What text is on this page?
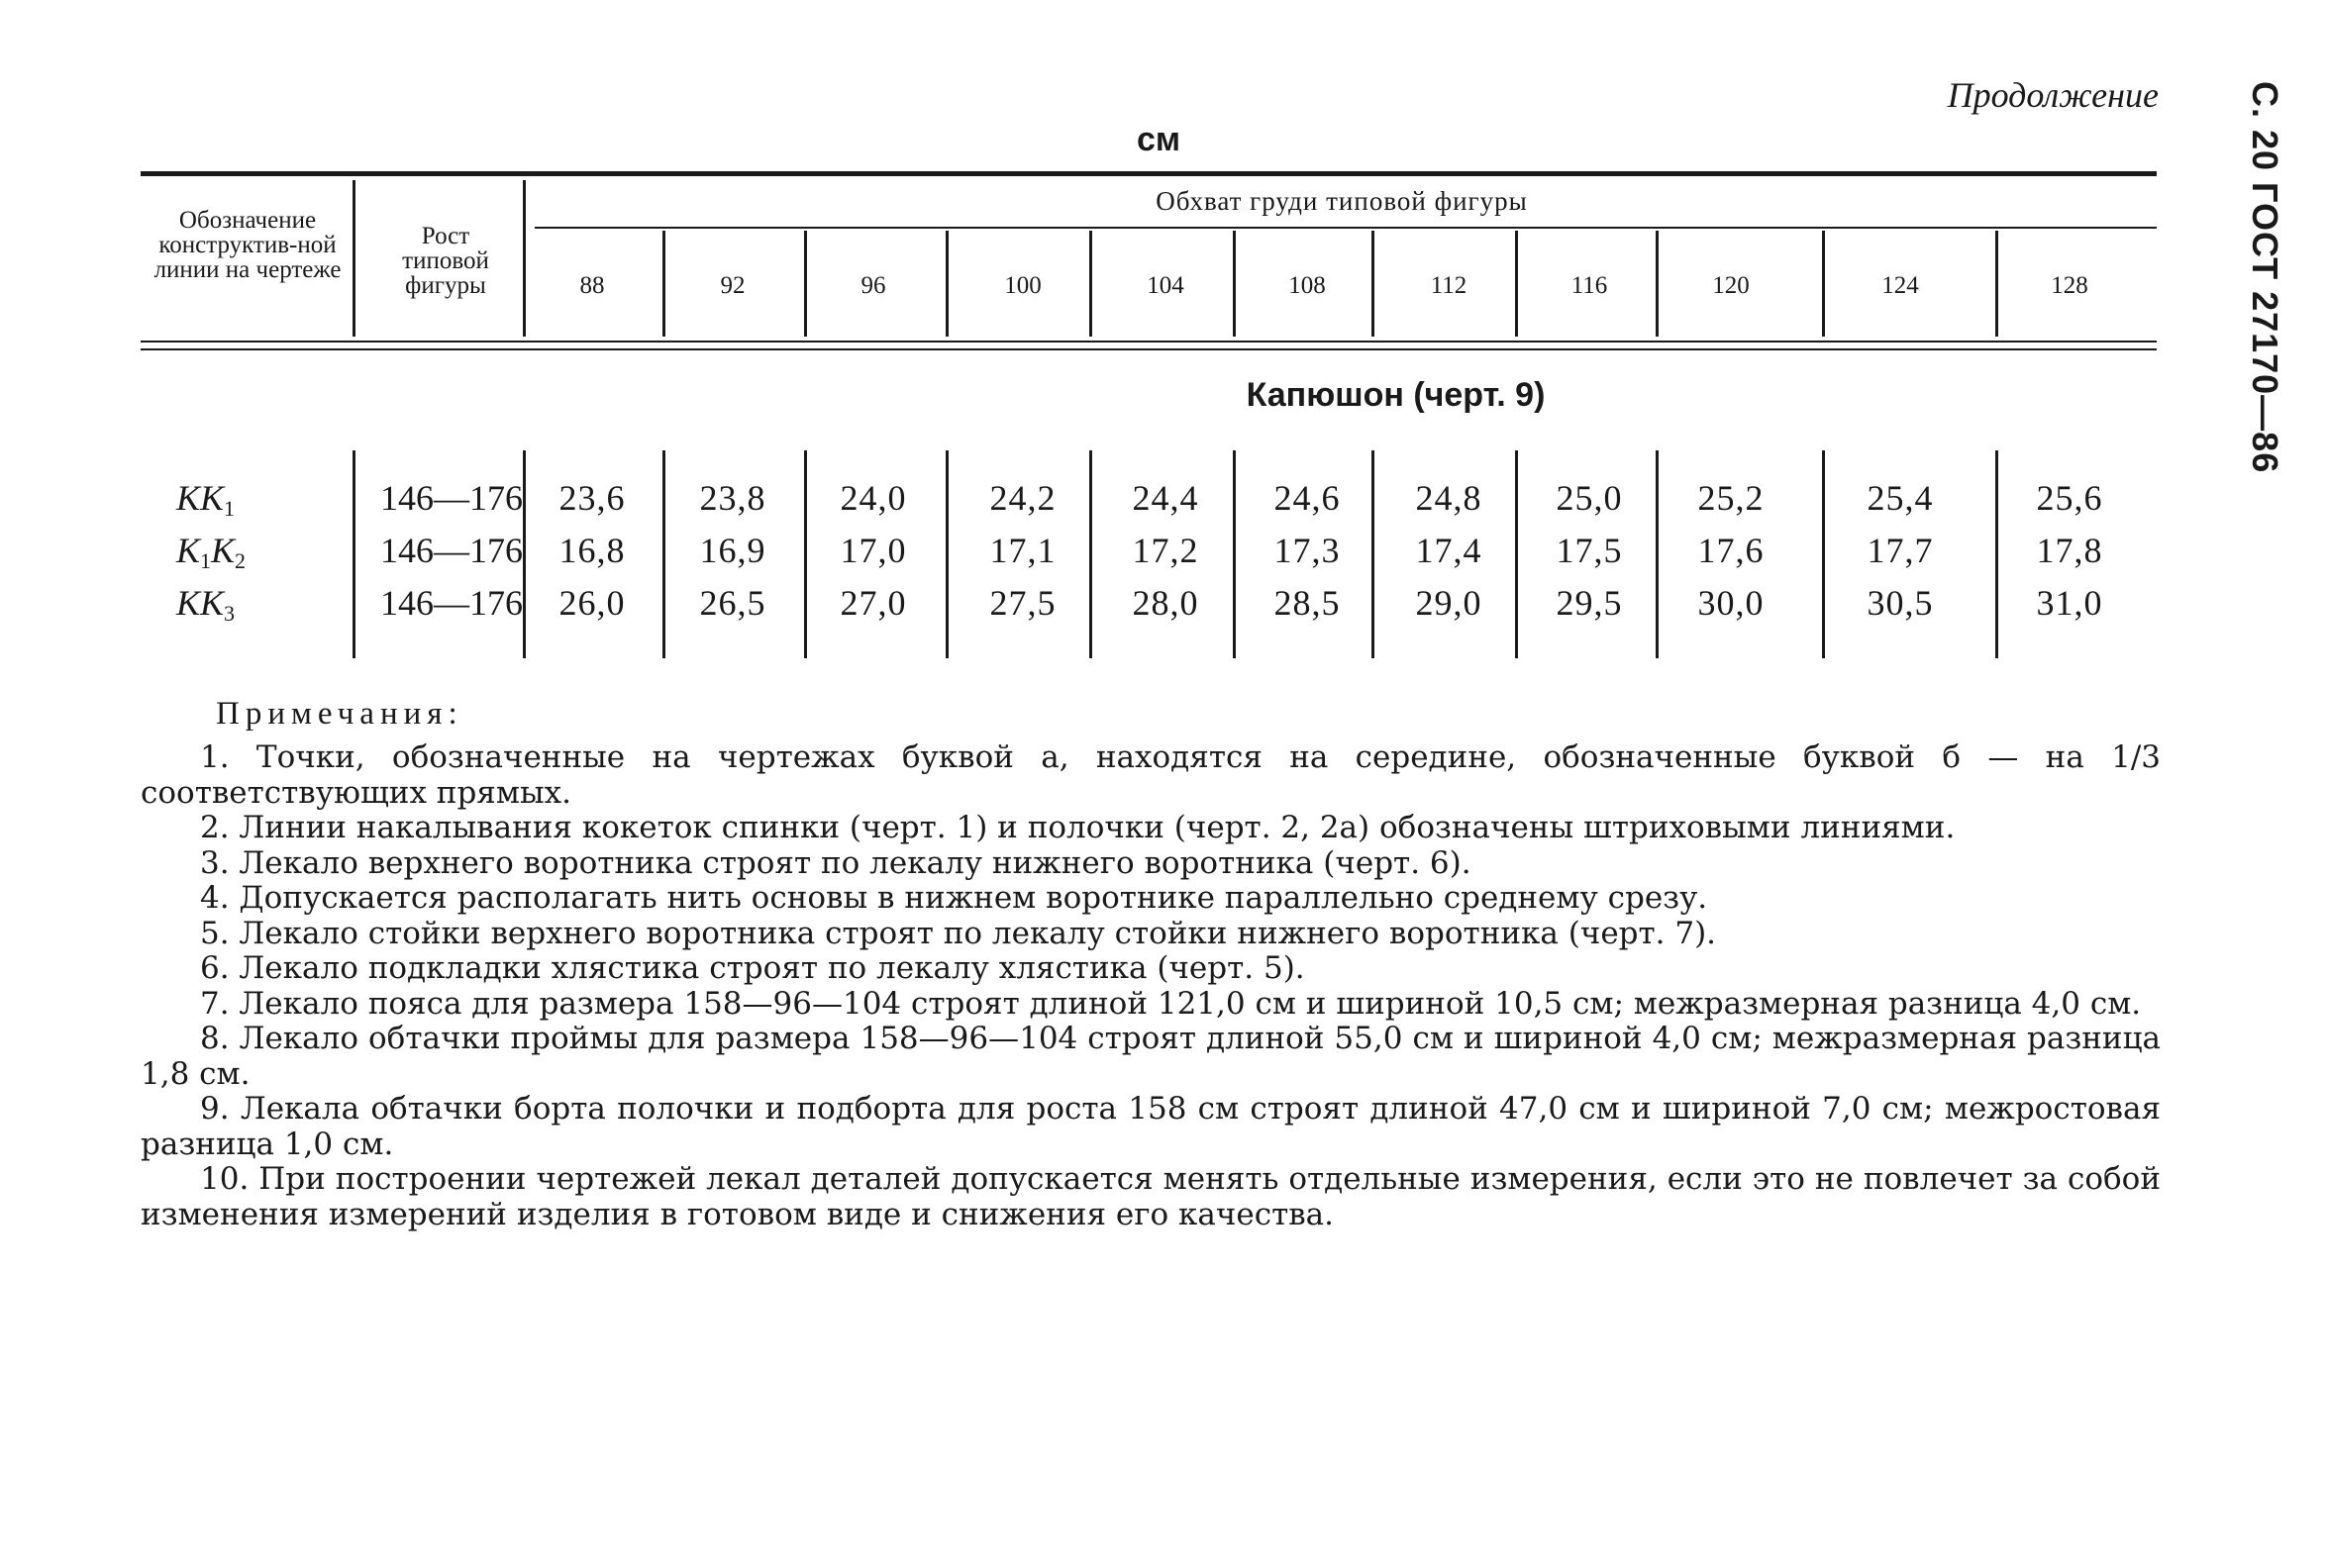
Продолжение С. 20 ГОСТ 27170—86
см
Обозначение конструктив-ной линии на чертеже
Рост типовой фигуры
Обхват груди типовой фигуры
88	92	96	100	104	108	112	116	120	124	128
Капюшон (черт. 9)
$KK_1$	146—176	23,6	23,8	24,0	24,2	24,4	24,6	24,8	25,0	25,2	25,4	25,6
$K_1K_2$	146—176	16,8	16,9	17,0	17,1	17,2	17,3	17,4	17,5	17,6	17,7	17,8
$KK_3$	146—176	26,0	26,5	27,0	27,5	28,0	28,5	29,0	29,5	30,0	30,5	31,0
Примечания:

1. Точки, обозначенные на чертежах буквой а, находятся на середине, обозначенные буквой б — на 1/3 соответствующих прямых.

2. Линии накалывания кокеток спинки (черт. 1) и полочки (черт. 2, 2а) обозначены штриховыми линиями.

3. Лекало верхнего воротника строят по лекалу нижнего воротника (черт. 6).

4. Допускается располагать нить основы в нижнем воротнике параллельно среднему срезу.

5. Лекало стойки верхнего воротника строят по лекалу стойки нижнего воротника (черт. 7).

6. Лекало подкладки хлястика строят по лекалу хлястика (черт. 5).

7. Лекало пояса для размера 158—96—104 строят длиной 121,0 см и шириной 10,5 см; межразмерная разница 4,0 см.

8. Лекало обтачки проймы для размера 158—96—104 строят длиной 55,0 см и шириной 4,0 см; межразмерная разница 1,8 см.

9. Лекала обтачки борта полочки и подборта для роста 158 см строят длиной 47,0 см и шириной 7,0 см; межростовая разница 1,0 см.

10. При построении чертежей лекал деталей допускается менять отдельные измерения, если это не повлечет за собой изменения измерений изделия в готовом виде и снижения его качества.
